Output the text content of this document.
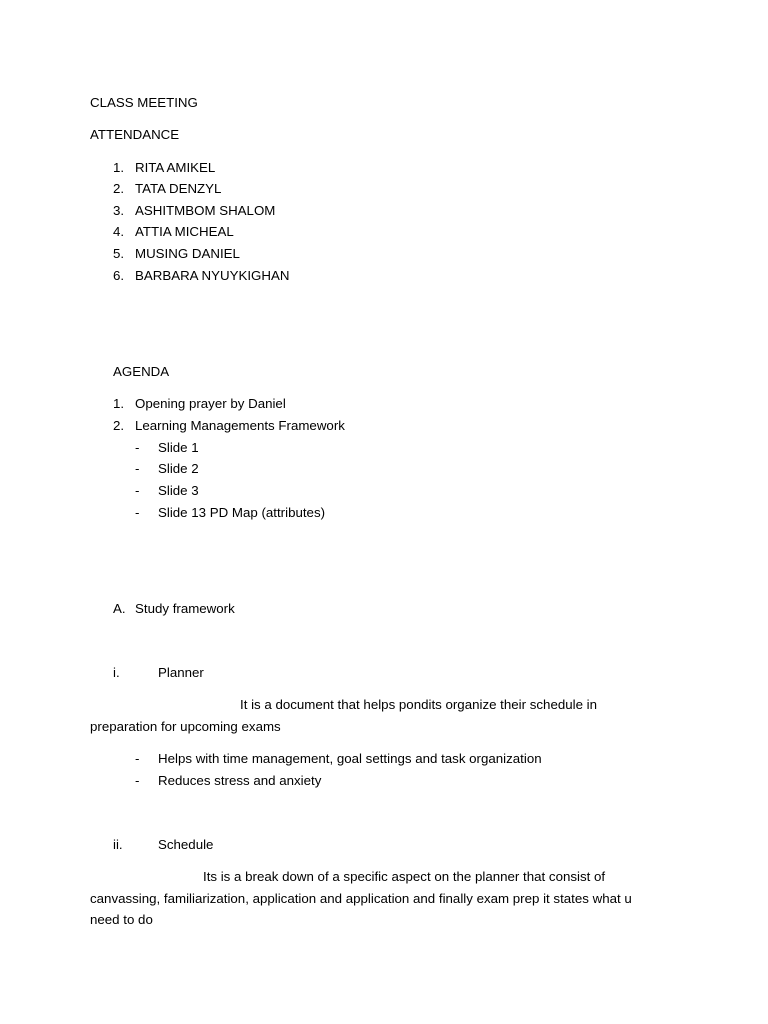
CLASS MEETING
ATTENDANCE
1. RITA AMIKEL
2. TATA DENZYL
3. ASHITMBOM SHALOM
4. ATTIA MICHEAL
5. MUSING DANIEL
6. BARBARA NYUYKIGHAN
AGENDA
1. Opening prayer by Daniel
2. Learning Managements Framework
- Slide 1
- Slide 2
- Slide 3
- Slide 13 PD Map (attributes)
A. Study framework
i.	Planner
It is a document that helps pondits organize their schedule in preparation for upcoming exams
- Helps with time management, goal settings and task organization
- Reduces stress and anxiety
ii.	Schedule
Its is a break down of a specific aspect on the planner that consist of canvassing, familiarization, application and application and finally exam prep it states what u need to do
